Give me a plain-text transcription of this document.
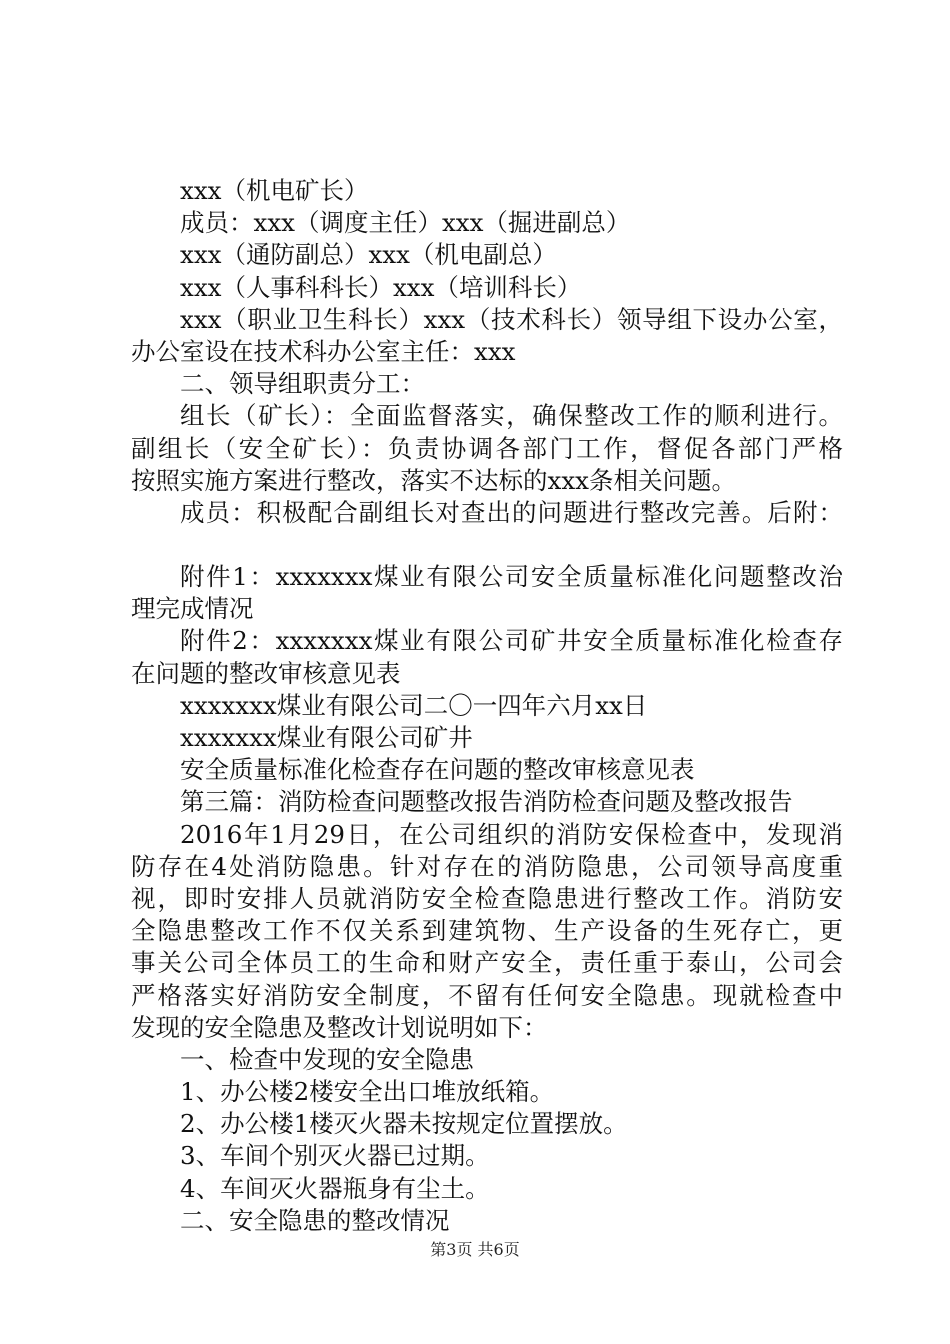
xxx（机电矿长）
成员：xxx（调度主任）xxx（掘进副总）
xxx（通防副总）xxx（机电副总）
xxx（人事科科长）xxx（培训科长）
xxx（职业卫生科长）xxx（技术科长）领导组下设办公室，
办公室设在技术科办公室主任：xxx
二、领导组职责分工：
组长（矿长）：全面监督落实，确保整改工作的顺利进行。
副组长（安全矿长）：负责协调各部门工作，督促各部门严格
按照实施方案进行整改，落实不达标的xxx条相关问题。
成员：积极配合副组长对查出的问题进行整改完善。后附：
附件1：xxxxxxx煤业有限公司安全质量标准化问题整改治
理完成情况
附件2：xxxxxxx煤业有限公司矿井安全质量标准化检查存
在问题的整改审核意见表
xxxxxxx煤业有限公司二〇一四年六月xx日
xxxxxxx煤业有限公司矿井
安全质量标准化检查存在问题的整改审核意见表
第三篇：消防检查问题整改报告消防检查问题及整改报告
2016年1月29日，在公司组织的消防安保检查中，发现消
防存在4处消防隐患。针对存在的消防隐患，公司领导高度重
视，即时安排人员就消防安全检查隐患进行整改工作。消防安
全隐患整改工作不仅关系到建筑物、生产设备的生死存亡，更
事关公司全体员工的生命和财产安全，责任重于泰山，公司会
严格落实好消防安全制度，不留有任何安全隐患。现就检查中
发现的安全隐患及整改计划说明如下：
一、检查中发现的安全隐患
1、办公楼2楼安全出口堆放纸箱。
2、办公楼1楼灭火器未按规定位置摆放。
3、车间个别灭火器已过期。
4、车间灭火器瓶身有尘土。
二、安全隐患的整改情况
第3页 共6页
